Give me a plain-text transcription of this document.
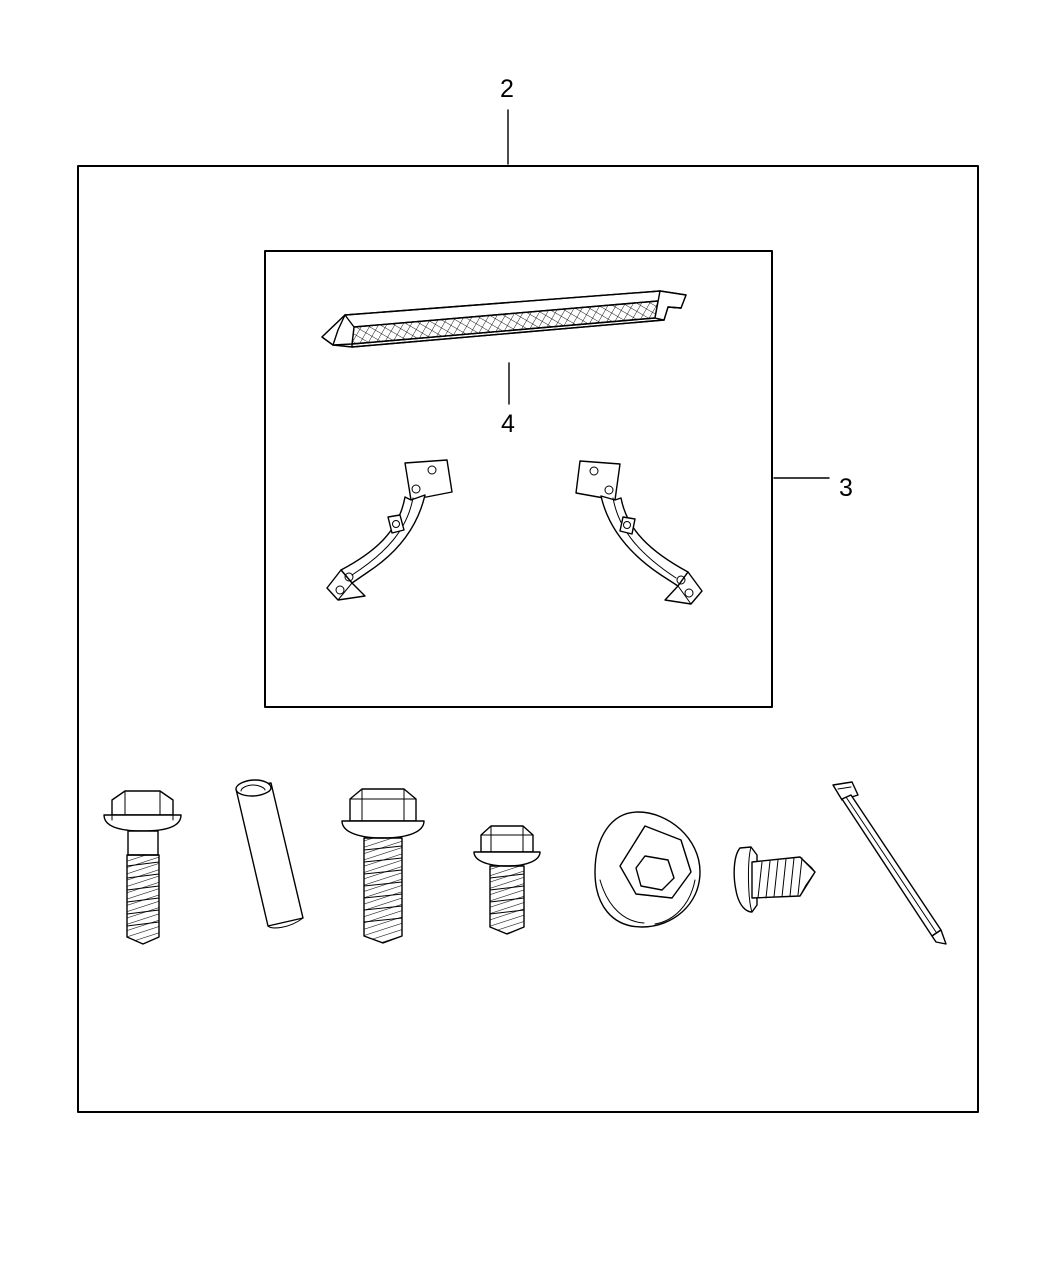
2
3
4
